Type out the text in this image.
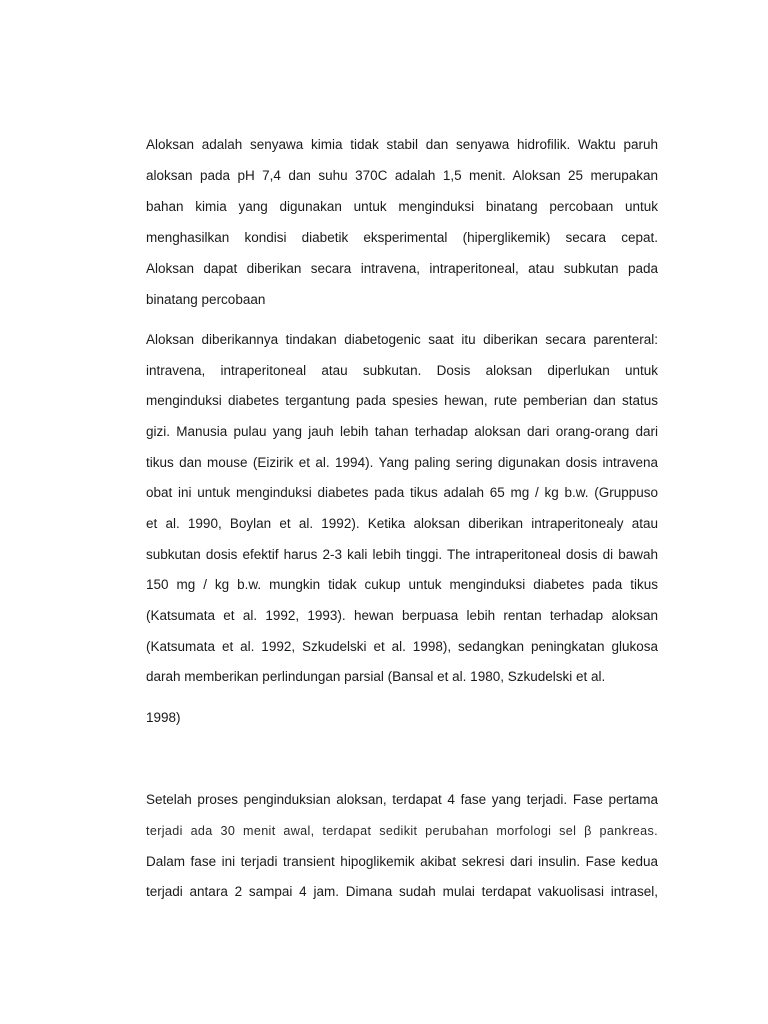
Aloksan adalah senyawa kimia tidak stabil dan senyawa hidrofilik. Waktu paruh
aloksan pada pH 7,4 dan suhu 370C adalah 1,5 menit. Aloksan 25 merupakan
bahan kimia yang digunakan untuk menginduksi binatang percobaan untuk
menghasilkan kondisi diabetik eksperimental (hiperglikemik) secara cepat.
Aloksan dapat diberikan secara intravena, intraperitoneal, atau subkutan pada
binatang percobaan
Aloksan diberikannya tindakan diabetogenic saat itu diberikan secara parenteral:
intravena, intraperitoneal atau subkutan. Dosis aloksan diperlukan untuk
menginduksi diabetes tergantung pada spesies hewan, rute pemberian dan status
gizi. Manusia pulau yang jauh lebih tahan terhadap aloksan dari orang-orang dari
tikus dan mouse (Eizirik et al. 1994). Yang paling sering digunakan dosis intravena
obat ini untuk menginduksi diabetes pada tikus adalah 65 mg / kg b.w. (Gruppuso
et al. 1990, Boylan et al. 1992). Ketika aloksan diberikan intraperitonealy atau
subkutan dosis efektif harus 2-3 kali lebih tinggi. The intraperitoneal dosis di bawah
150 mg / kg b.w. mungkin tidak cukup untuk menginduksi diabetes pada tikus
(Katsumata et al. 1992, 1993). hewan berpuasa lebih rentan terhadap aloksan
(Katsumata et al. 1992, Szkudelski et al. 1998), sedangkan peningkatan glukosa
darah memberikan perlindungan parsial (Bansal et al. 1980, Szkudelski et al.
1998)
Setelah proses penginduksian aloksan, terdapat 4 fase yang terjadi. Fase pertama
terjadi ada 30 menit awal, terdapat sedikit perubahan morfologi sel β pankreas.
Dalam fase ini terjadi transient hipoglikemik akibat sekresi dari insulin. Fase kedua
terjadi antara 2 sampai 4 jam. Dimana sudah mulai terdapat vakuolisasi intrasel,
